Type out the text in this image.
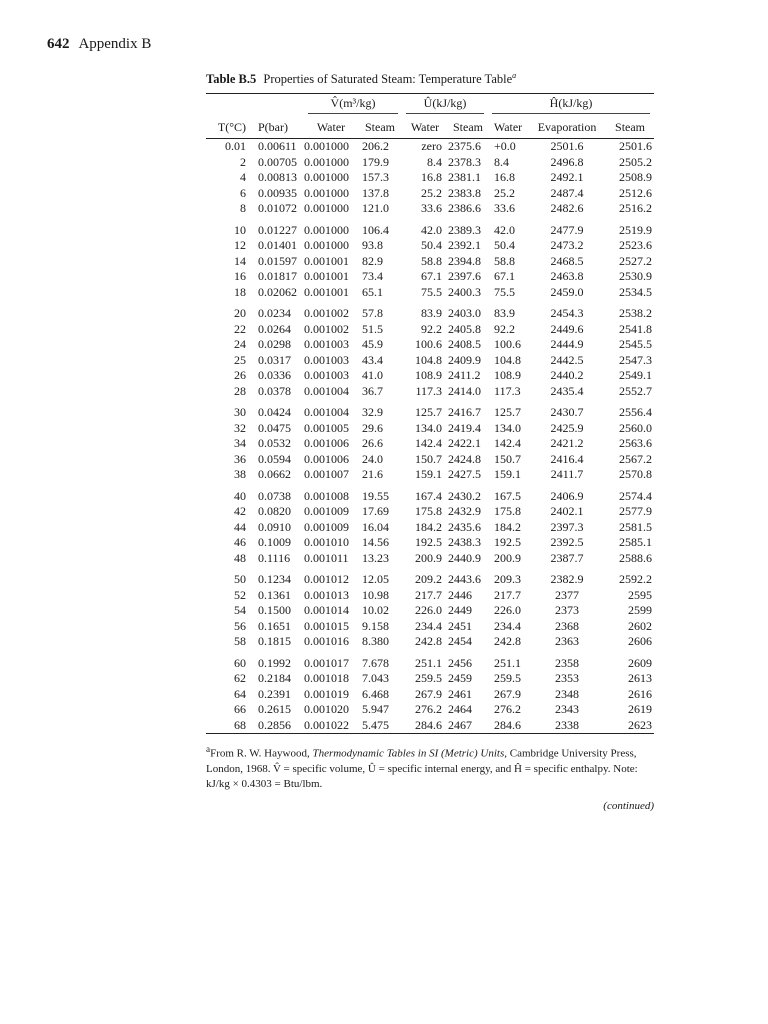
642 Appendix B
Table B.5 Properties of Saturated Steam: Temperature Table$^a$

		V̂(m³/kg)		Û(kJ/kg)		Ĥ(kJ/kg)		

T(°C)	P(bar)	Water	Steam	Water	Steam	Water	Evaporation	Steam

0.01	0.00611	0.001000	206.2	zero	2375.6	+0.0	2501.6	2501.6
2	0.00705	0.001000	179.9	8.4	2378.3	8.4	2496.8	2505.2
4	0.00813	0.001000	157.3	16.8	2381.1	16.8	2492.1	2508.9
6	0.00935	0.001000	137.8	25.2	2383.8	25.2	2487.4	2512.6
8	0.01072	0.001000	121.0	33.6	2386.6	33.6	2482.6	2516.2

10	0.01227	0.001000	106.4	42.0	2389.3	42.0	2477.9	2519.9
12	0.01401	0.001000	93.8	50.4	2392.1	50.4	2473.2	2523.6
14	0.01597	0.001001	82.9	58.8	2394.8	58.8	2468.5	2527.2
16	0.01817	0.001001	73.4	67.1	2397.6	67.1	2463.8	2530.9
18	0.02062	0.001001	65.1	75.5	2400.3	75.5	2459.0	2534.5

20	0.0234	0.001002	57.8	83.9	2403.0	83.9	2454.3	2538.2
22	0.0264	0.001002	51.5	92.2	2405.8	92.2	2449.6	2541.8
24	0.0298	0.001003	45.9	100.6	2408.5	100.6	2444.9	2545.5
25	0.0317	0.001003	43.4	104.8	2409.9	104.8	2442.5	2547.3
26	0.0336	0.001003	41.0	108.9	2411.2	108.9	2440.2	2549.1
28	0.0378	0.001004	36.7	117.3	2414.0	117.3	2435.4	2552.7

30	0.0424	0.001004	32.9	125.7	2416.7	125.7	2430.7	2556.4
32	0.0475	0.001005	29.6	134.0	2419.4	134.0	2425.9	2560.0
34	0.0532	0.001006	26.6	142.4	2422.1	142.4	2421.2	2563.6
36	0.0594	0.001006	24.0	150.7	2424.8	150.7	2416.4	2567.2
38	0.0662	0.001007	21.6	159.1	2427.5	159.1	2411.7	2570.8

40	0.0738	0.001008	19.55	167.4	2430.2	167.5	2406.9	2574.4
42	0.0820	0.001009	17.69	175.8	2432.9	175.8	2402.1	2577.9
44	0.0910	0.001009	16.04	184.2	2435.6	184.2	2397.3	2581.5
46	0.1009	0.001010	14.56	192.5	2438.3	192.5	2392.5	2585.1
48	0.1116	0.001011	13.23	200.9	2440.9	200.9	2387.7	2588.6

50	0.1234	0.001012	12.05	209.2	2443.6	209.3	2382.9	2592.2
52	0.1361	0.001013	10.98	217.7	2446	217.7	2377	2595
54	0.1500	0.001014	10.02	226.0	2449	226.0	2373	2599
56	0.1651	0.001015	9.158	234.4	2451	234.4	2368	2602
58	0.1815	0.001016	8.380	242.8	2454	242.8	2363	2606

60	0.1992	0.001017	7.678	251.1	2456	251.1	2358	2609
62	0.2184	0.001018	7.043	259.5	2459	259.5	2353	2613
64	0.2391	0.001019	6.468	267.9	2461	267.9	2348	2616
66	0.2615	0.001020	5.947	276.2	2464	276.2	2343	2619
68	0.2856	0.001022	5.475	284.6	2467	284.6	2338	2623
$^a$From R. W. Haywood, Thermodynamic Tables in SI (Metric) Units, Cambridge University Press, London, 1968. V̂ = specific volume, Û = specific internal energy, and Ĥ = specific enthalpy. Note: kJ/kg × 0.4303 = Btu/lbm.
(continued)
